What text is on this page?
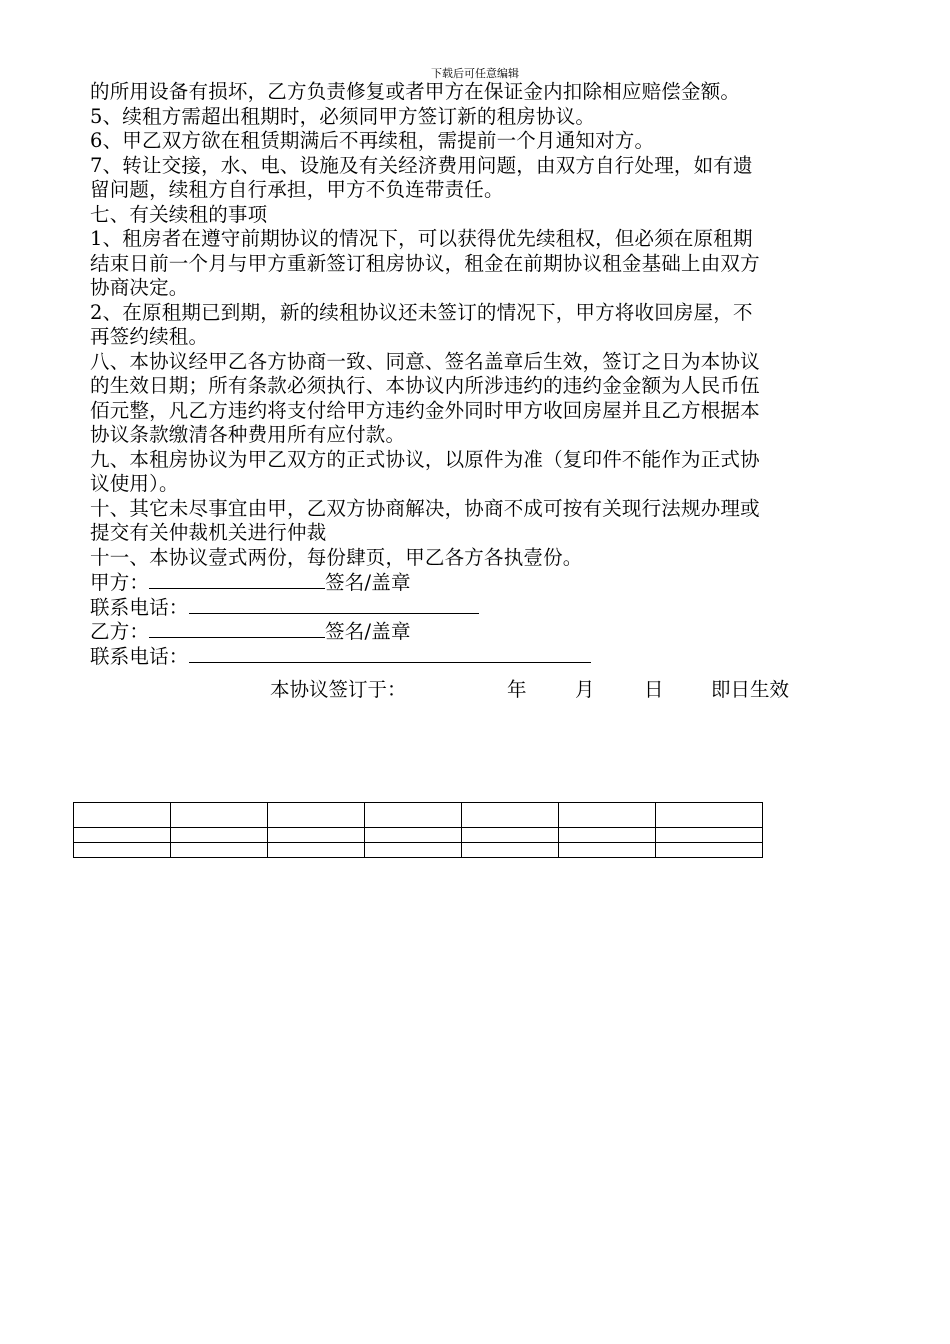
下载后可任意编辑
的所用设备有损坏，乙方负责修复或者甲方在保证金内扣除相应赔偿金额。
5、续租方需超出租期时，必须同甲方签订新的租房协议。
6、甲乙双方欲在租赁期满后不再续租，需提前一个月通知对方。
7、转让交接，水、电、设施及有关经济费用问题，由双方自行处理，如有遗
留问题，续租方自行承担，甲方不负连带责任。
七、有关续租的事项
1、租房者在遵守前期协议的情况下，可以获得优先续租权，但必须在原租期
结束日前一个月与甲方重新签订租房协议，租金在前期协议租金基础上由双方
协商决定。
2、在原租期已到期，新的续租协议还未签订的情况下，甲方将收回房屋，不
再签约续租。
八、本协议经甲乙各方协商一致、同意、签名盖章后生效，签订之日为本协议
的生效日期；所有条款必须执行、本协议内所涉违约的违约金金额为人民币伍
佰元整，凡乙方违约将支付给甲方违约金外同时甲方收回房屋并且乙方根据本
协议条款缴清各种费用所有应付款。
九、本租房协议为甲乙双方的正式协议，以原件为准（复印件不能作为正式协
议使用）。
十、其它未尽事宜由甲，乙双方协商解决，协商不成可按有关现行法规办理或
提交有关仲裁机关进行仲裁
十一、本协议壹式两份，每份肆页，甲乙各方各执壹份。
甲方：	签名/盖章
联系电话：
乙方：	签名/盖章
联系电话：
本协议签订于：	年 月	日 即日生效
